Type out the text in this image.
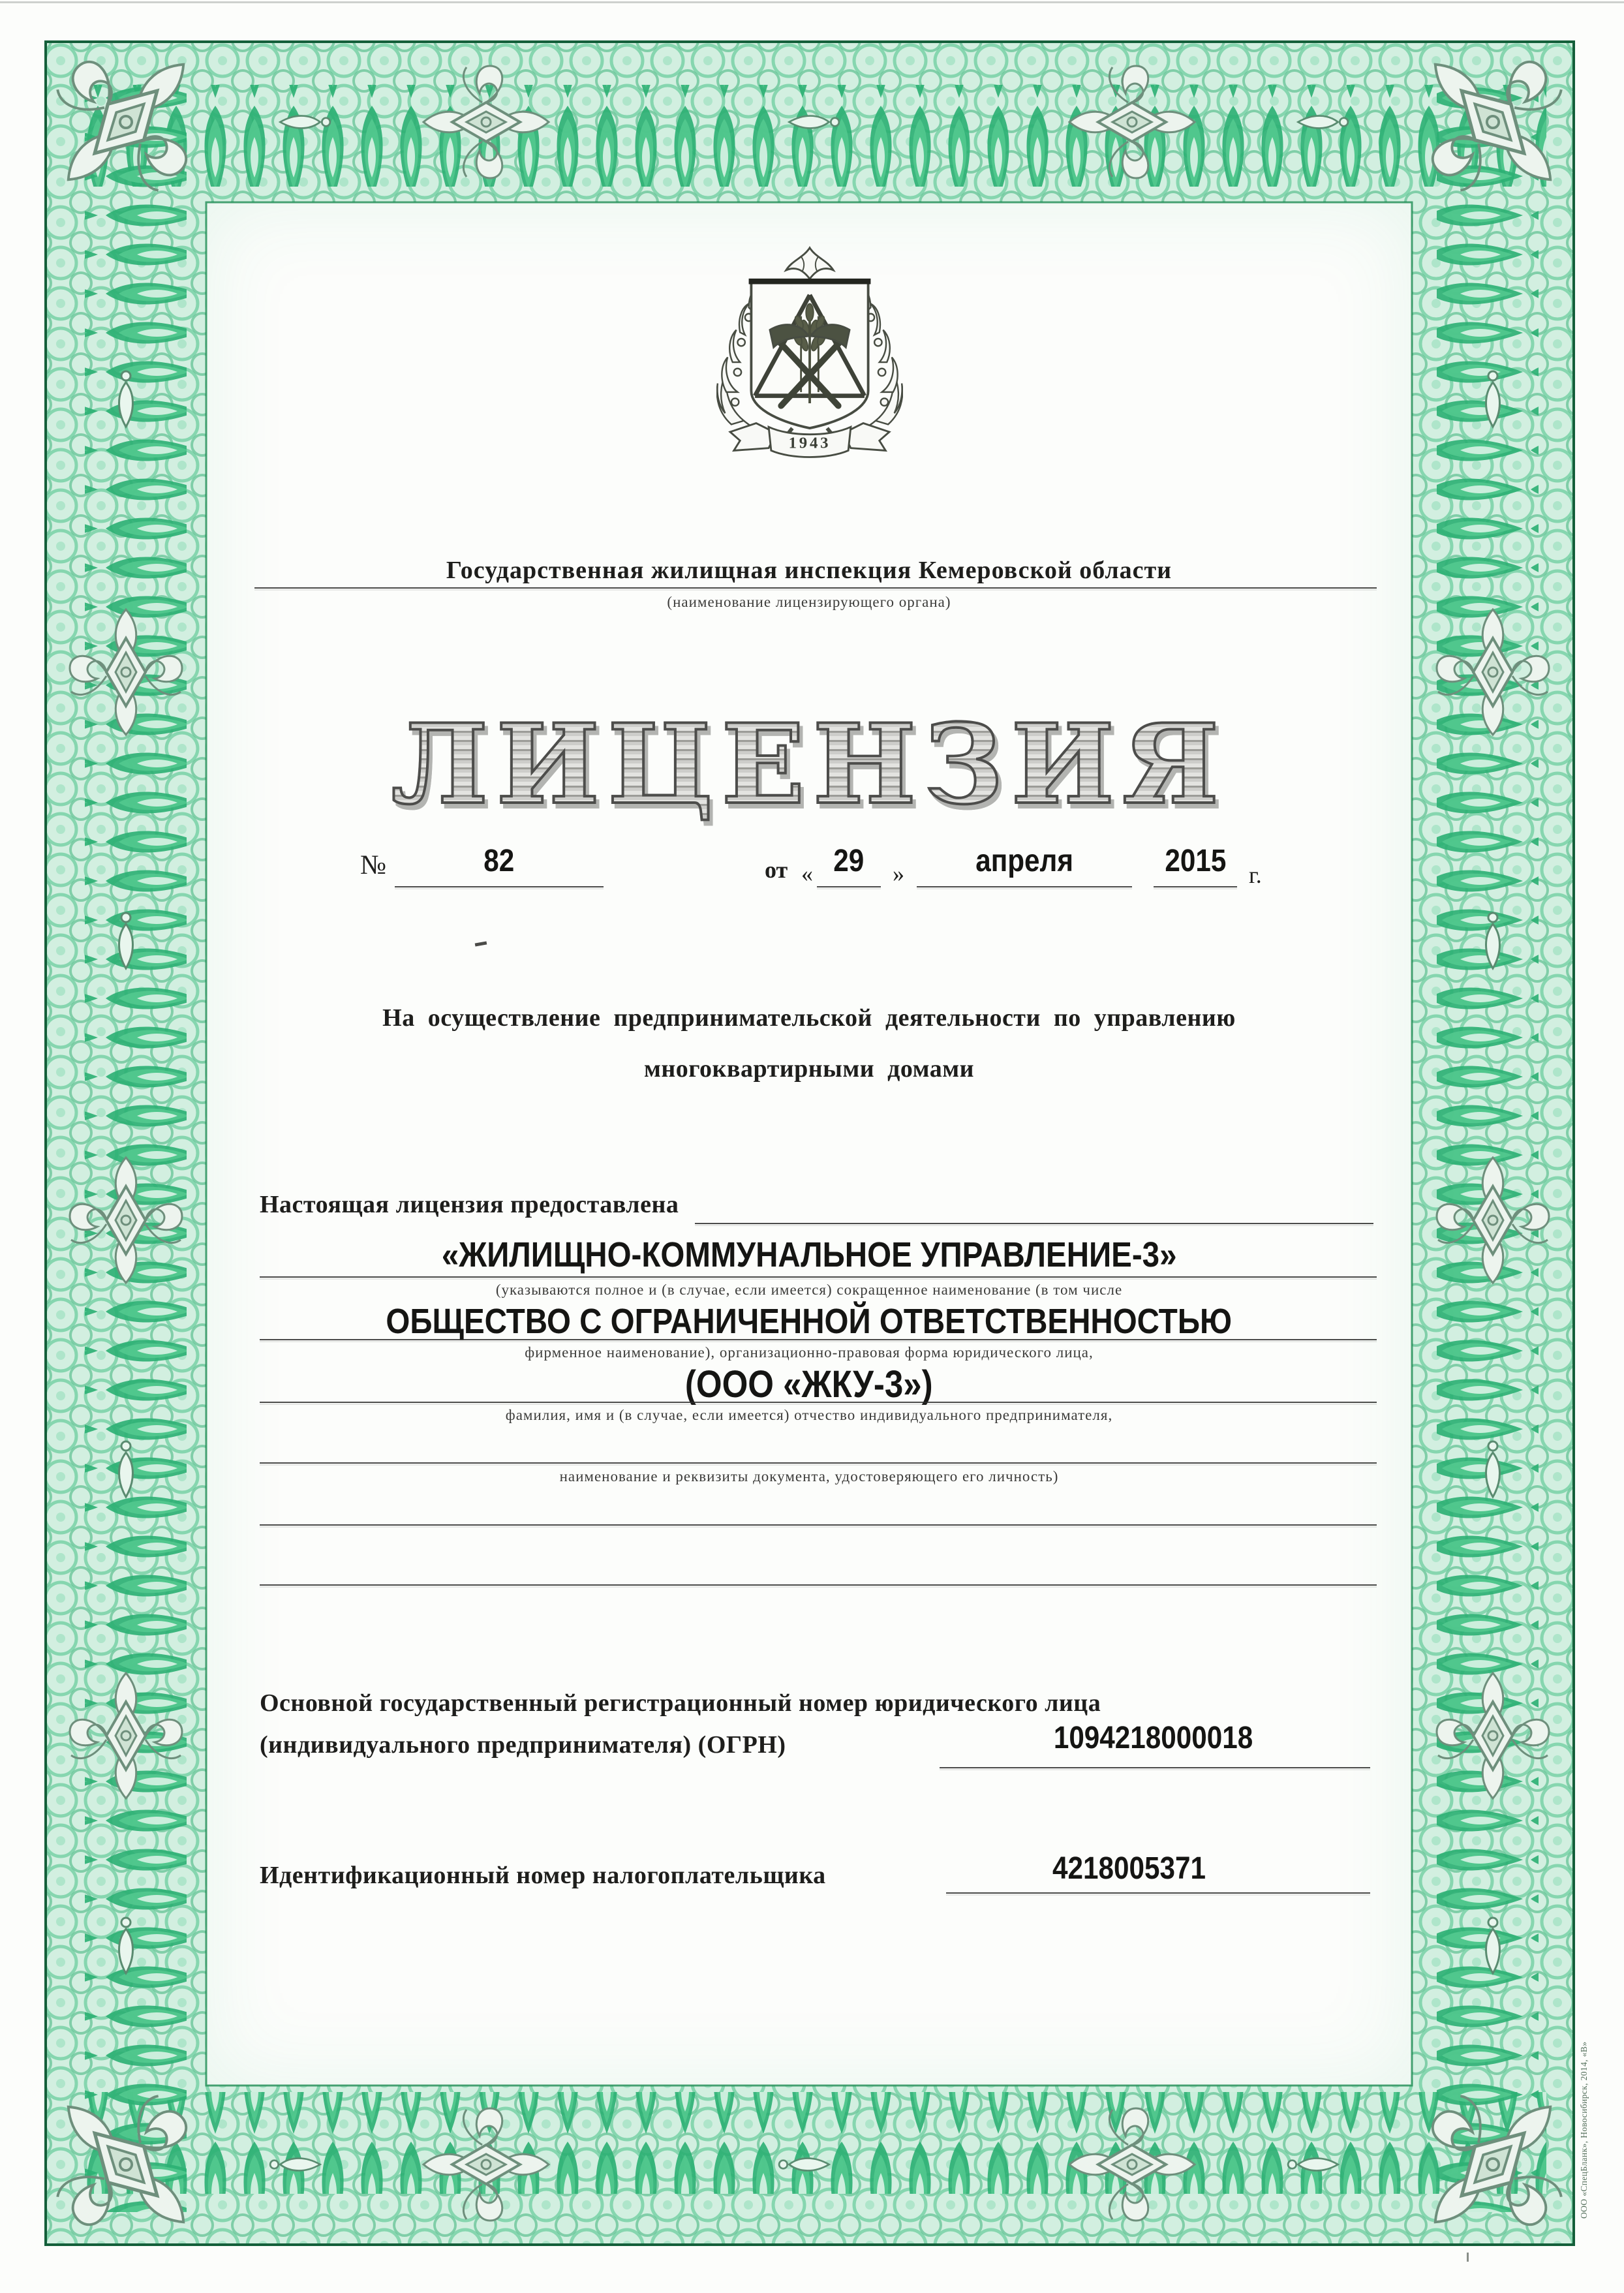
1943
Государственная жилищная инспекция Кемеровской области
(наименование лицензирующего органа)
ЛИЦЕНЗИЯ
№	82	от « 29	»	апреля	2015 г.
На осуществление предпринимательской деятельности по управлению
многоквартирными домами
Настоящая лицензия предоставлена
«ЖИЛИЩНО-КОММУНАЛЬНОЕ УПРАВЛЕНИЕ-3»
(указываются полное и (в случае, если имеется) сокращенное наименование (в том числе
ОБЩЕСТВО С ОГРАНИЧЕННОЙ ОТВЕТСТВЕННОСТЬЮ
фирменное наименование), организационно-правовая форма юридического лица,
(ООО «ЖКУ-3»)
фамилия, имя и (в случае, если имеется) отчество индивидуального предпринимателя,
наименование и реквизиты документа, удостоверяющего его личность)
Основной государственный регистрационный номер юридического лица
(индивидуального предпринимателя) (ОГРН)	1094218000018
Идентификационный номер налогоплательщика	4218005371
ООО «СпецБланк», Новосибирск, 2014, «В»
